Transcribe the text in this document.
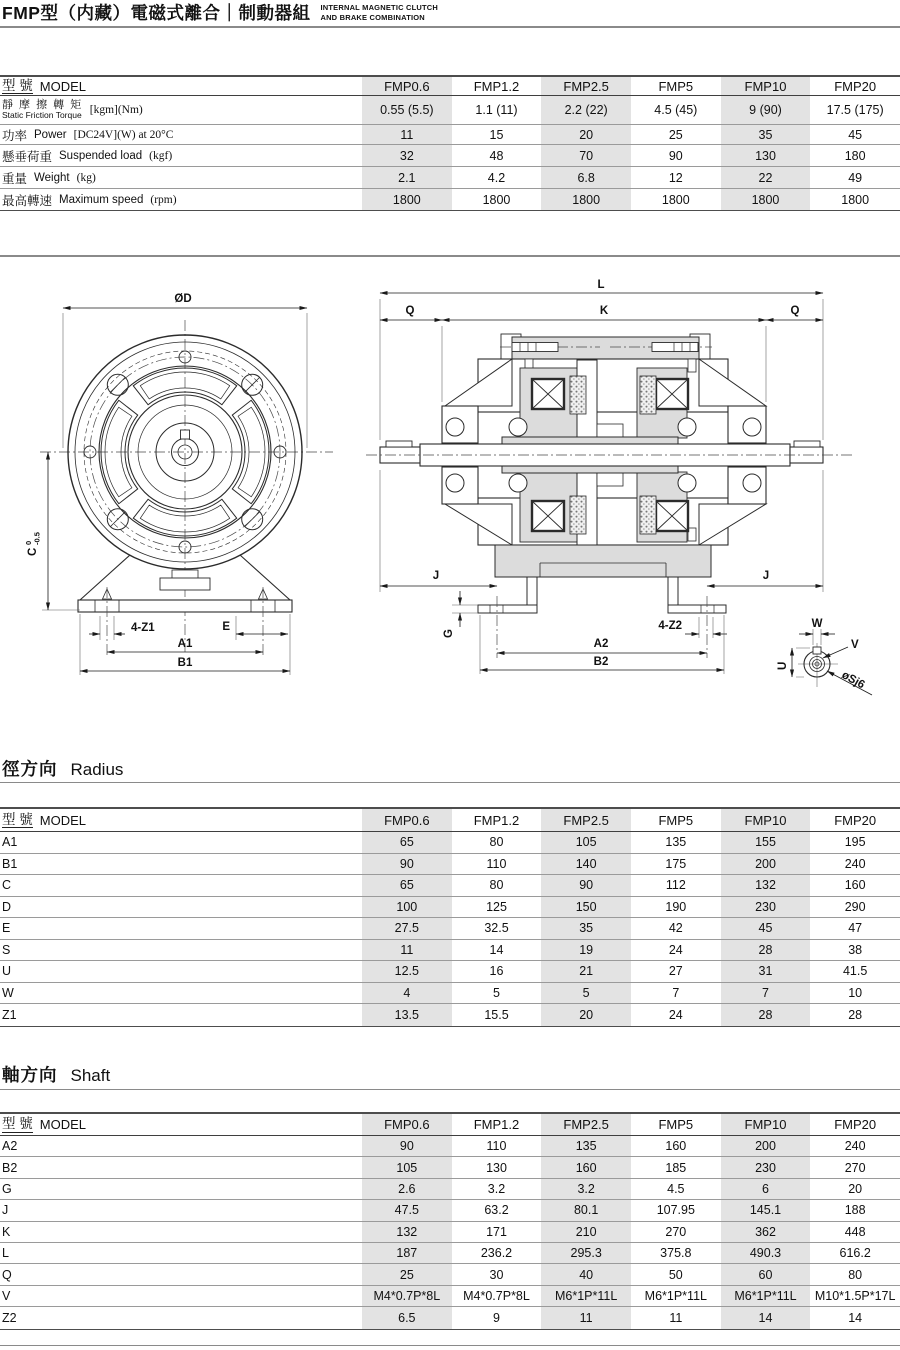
FMP型（内藏）電磁式離合｜制動器組 INTERNAL MAGNETIC CLUTCH
AND BRAKE COMBINATION
型 號 MODEL	FMP0.6	FMP1.2	FMP2.5	FMP5	FMP10	FMP20
靜 摩 擦 轉 矩
Static Friction Torque [kgm](Nm)	0.55 (5.5)	1.1 (11)	2.2 (22)	4.5 (45)	9 (90)	17.5 (175)
功率 Power [DC24V](W) at 20°C	11	15	20	25	35	45
懸垂荷重 Suspended load (kgf)	32	48	70	90	130	180
重量 Weight (kg)	2.1	4.2	6.8	12	22	49
最高轉速 Maximum speed (rpm)	1800	1800	1800	1800	1800	1800
ØD
C
0 -0.5
4-Z1	E
A1
B1
L
Q	K	Q
J	J
G
4-Z2
A2
B2
W
U
V
øSj6
徑方向 Radius
型 號 MODEL	FMP0.6	FMP1.2	FMP2.5	FMP5	FMP10	FMP20
A1	65	80	105	135	155	195
B1	90	110	140	175	200	240
C	65	80	90	112	132	160
D	100	125	150	190	230	290
E	27.5	32.5	35	42	45	47
S	11	14	19	24	28	38
U	12.5	16	21	27	31	41.5
W	4	5	5	7	7	10
Z1	13.5	15.5	20	24	28	28
軸方向 Shaft
型 號 MODEL	FMP0.6	FMP1.2	FMP2.5	FMP5	FMP10	FMP20
A2	90	110	135	160	200	240
B2	105	130	160	185	230	270
G	2.6	3.2	3.2	4.5	6	20
J	47.5	63.2	80.1	107.95	145.1	188
K	132	171	210	270	362	448
L	187	236.2	295.3	375.8	490.3	616.2
Q	25	30	40	50	60	80
V	M4*0.7P*8L	M4*0.7P*8L	M6*1P*11L	M6*1P*11L	M6*1P*11L	M10*1.5P*17L
Z2	6.5	9	11	11	14	14
